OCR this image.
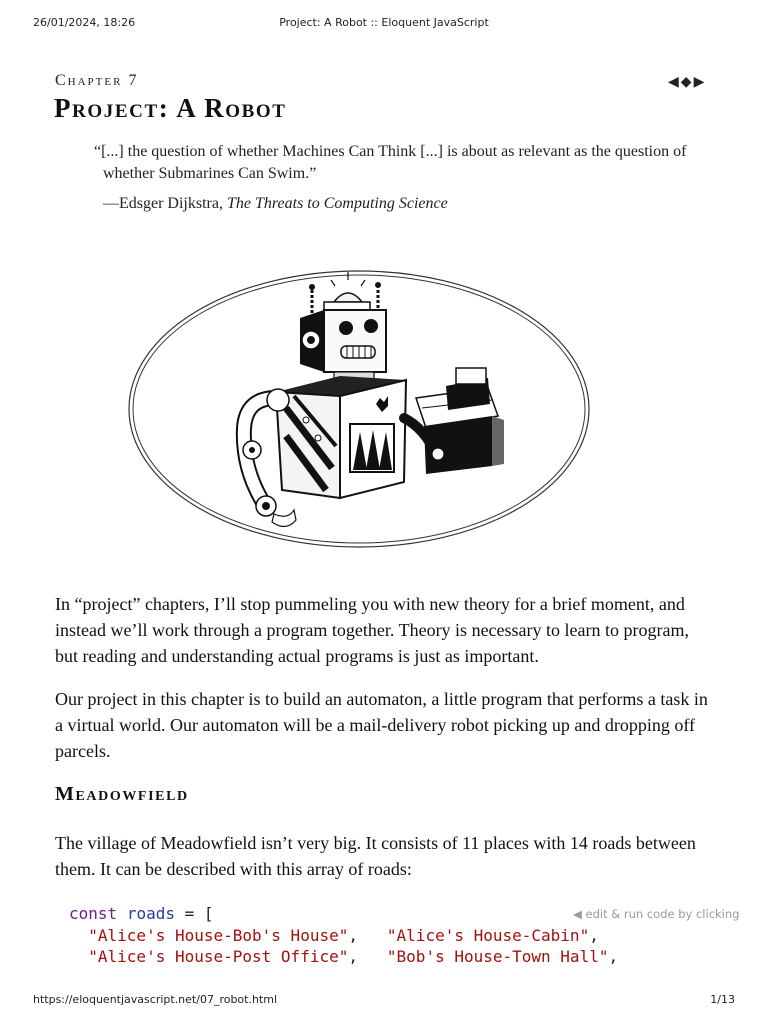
26/01/2024, 18:26	Project: A Robot :: Eloquent JavaScript
Chapter 7
Project: A Robot
◀ ◆ ▶
“[...] the question of whether Machines Can Think [...] is about as relevant as the question of whether Submarines Can Swim.”
—Edsger Dijkstra, The Threats to Computing Science

In “project” chapters, I’ll stop pummeling you with new theory for a brief moment, and instead we’ll work through a program together. Theory is necessary to learn to program, but reading and understanding actual programs is just as important.

Our project in this chapter is to build an automaton, a little program that performs a task in a virtual world. Our automaton will be a mail-delivery robot picking up and dropping off parcels.

Meadowfield

The village of Meadowfield isn’t very big. It consists of 11 places with 14 roads between them. It can be described with this array of roads:

const roads = [
"Alice's House-Bob's House", "Alice's House-Cabin",
"Alice's House-Post Office", "Bob's House-Town Hall",
◀ edit & run code by clicking
https://eloquentjavascript.net/07_robot.html	1/13
